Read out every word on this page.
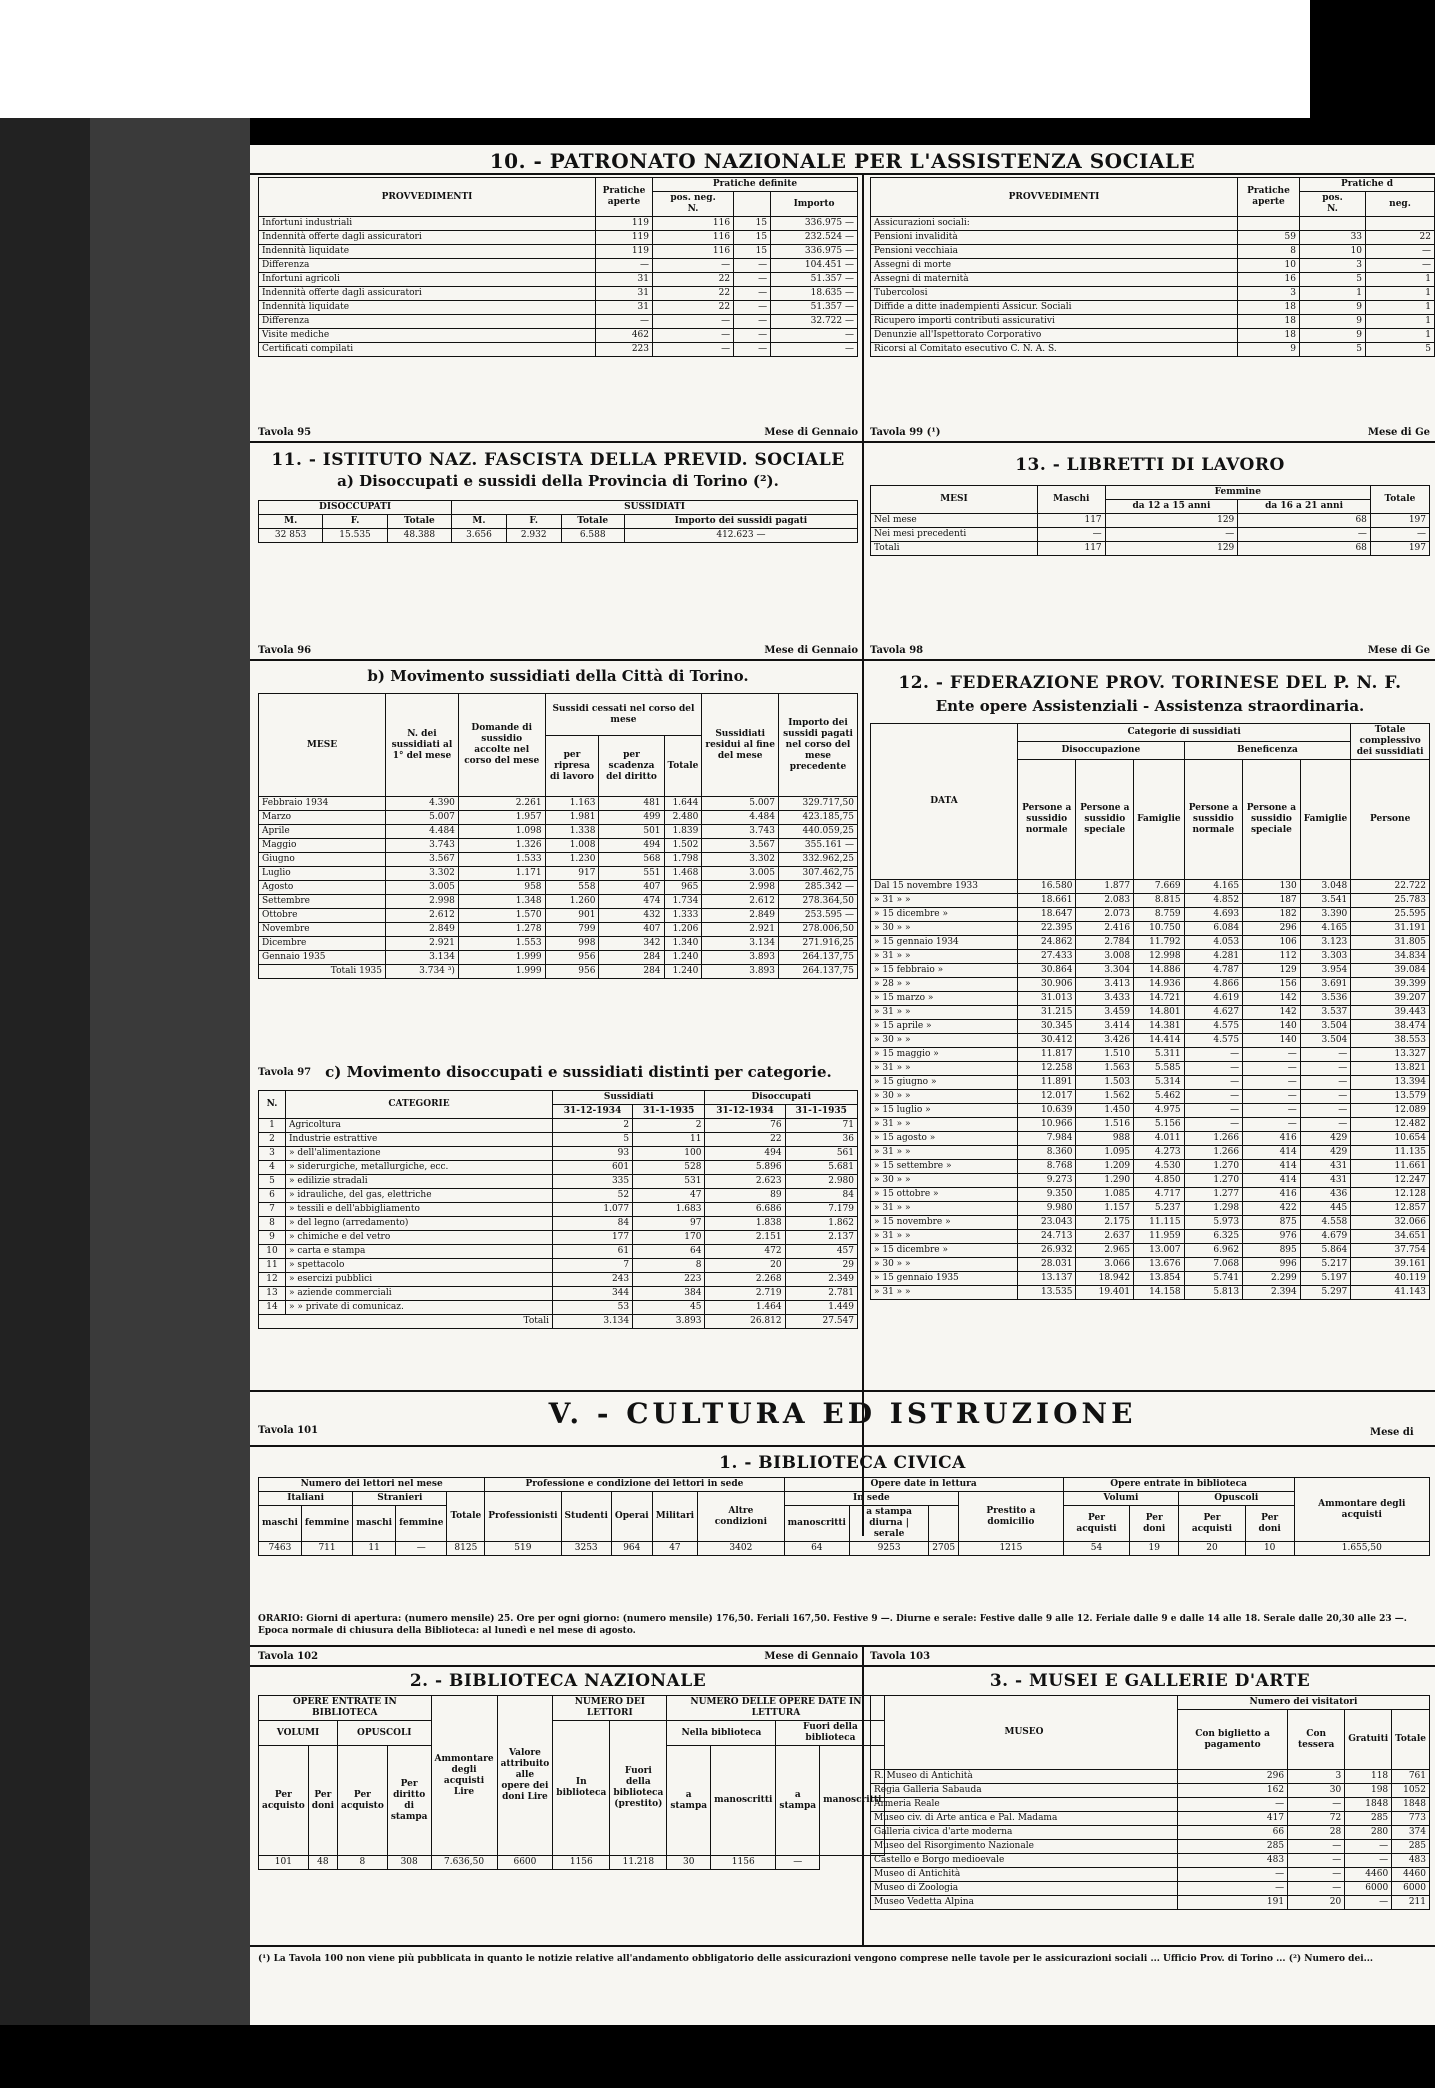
10. - PATRONATO NAZIONALE PER L'ASSISTENZA SOCIALE
PROVVEDIMENTI	Pratiche aperte	Pratiche definite		
		pos. neg.
N.		Importo
Infortuni industriali	119	116	15	336.975 —
Indennità offerte dagli assicuratori	119	116	15	232.524 —
Indennità liquidate	119	116	15	336.975 —
Differenza	—	—	—	104.451 —
Infortuni agricoli	31	22	—	51.357 —
Indennità offerte dagli assicuratori	31	22	—	18.635 —
Indennità liquidate	31	22	—	51.357 —
Differenza	—	—	—	32.722 —
Visite mediche	462	—	—	—
Certificati compilati	223	—	—	—
PROVVEDIMENTI	Pratiche aperte	Pratiche d	
		pos.
N.	neg.
Assicurazioni sociali:			
Pensioni invalidità	59	33	22
Pensioni vecchiaia	8	10	—
Assegni di morte	10	3	—
Assegni di maternità	16	5	1
Tubercolosi	3	1	1
Diffide a ditte inadempienti Assicur. Sociali	18	9	1
Ricupero importi contributi assicurativi	18	9	1
Denunzie all'Ispettorato Corporativo	18	9	1
Ricorsi al Comitato esecutivo C. N. A. S.	9	5	5
Tavola 95	Mese di Gennaio Tavola 99 (¹)	Mese di Ge
11. - ISTITUTO NAZ. FASCISTA DELLA PREVID. SOCIALE
a) Disoccupati e sussidi della Provincia di Torino (²).
DISOCCUPATI			SUSSIDIATI			
M.	F.	Totale	M.	F.	Totale	Importo dei sussidi pagati
32 853	15.535	48.388	3.656	2.932	6.588	412.623 —
Tavola 96	Mese di Gennaio
13. - LIBRETTI DI LAVORO
MESI	Maschi	Femmine		Totale
		da 12 a 15 anni	da 16 a 21 anni	
Nel mese	117	129	68	197
Nei mesi precedenti	—	—	—	—
Totali	117	129	68	197
Tavola 98	Mese di Ge
b) Movimento sussidiati della Città di Torino.
MESE	N. dei sussidiati al 1° del mese	Domande di sussidio accolte nel corso del mese	Sussidi cessati nel corso del mese			Sussidiati residui al fine del mese	Importo dei sussidi pagati nel corso del mese precedente
			per ripresa di lavoro	per scadenza del diritto	Totale		
Febbraio 1934	4.390	2.261	1.163	481	1.644	5.007	329.717,50
Marzo	5.007	1.957	1.981	499	2.480	4.484	423.185,75
Aprile	4.484	1.098	1.338	501	1.839	3.743	440.059,25
Maggio	3.743	1.326	1.008	494	1.502	3.567	355.161 —
Giugno	3.567	1.533	1.230	568	1.798	3.302	332.962,25
Luglio	3.302	1.171	917	551	1.468	3.005	307.462,75
Agosto	3.005	958	558	407	965	2.998	285.342 —
Settembre	2.998	1.348	1.260	474	1.734	2.612	278.364,50
Ottobre	2.612	1.570	901	432	1.333	2.849	253.595 —
Novembre	2.849	1.278	799	407	1.206	2.921	278.006,50
Dicembre	2.921	1.553	998	342	1.340	3.134	271.916,25
Gennaio 1935	3.134	1.999	956	284	1.240	3.893	264.137,75
Totali 1935	3.734 ³)	1.999	956	284	1.240	3.893	264.137,75
Tavola 97 c) Movimento disoccupati e sussidiati distinti per categorie.
N.	CATEGORIE	Sussidiati		Disoccupati	
		31-12-1934	31-1-1935	31-12-1934	31-1-1935
1	Agricoltura	2	2	76	71
2	Industrie estrattive	5	11	22	36
3	» dell'alimentazione	93	100	494	561
4	» siderurgiche, metallurgiche, ecc.	601	528	5.896	5.681
5	» edilizie stradali	335	531	2.623	2.980
6	» idrauliche, del gas, elettriche	52	47	89	84
7	» tessili e dell'abbigliamento	1.077	1.683	6.686	7.179
8	» del legno (arredamento)	84	97	1.838	1.862
9	» chimiche e del vetro	177	170	2.151	2.137
10	» carta e stampa	61	64	472	457
11	» spettacolo	7	8	20	29
12	» esercizi pubblici	243	223	2.268	2.349
13	» aziende commerciali	344	384	2.719	2.781
14	» » private di comunicaz.	53	45	1.464	1.449
Totali		3.134	3.893	26.812	27.547
Tavola 101
12. - FEDERAZIONE PROV. TORINESE DEL P. N. F.
Ente opere Assistenziali - Assistenza straordinaria.
DATA	Categorie di sussidiati						Totale complessivo dei sussidiati
	Disoccupazione			Beneficenza			
	Persone a sussidio normale	Persone a sussidio speciale	Famiglie	Persone a sussidio normale	Persone a sussidio speciale	Famiglie	Persone
Dal 15 novembre 1933	16.580	1.877	7.669	4.165	130	3.048	22.722
» 31 » »	18.661	2.083	8.815	4.852	187	3.541	25.783
» 15 dicembre »	18.647	2.073	8.759	4.693	182	3.390	25.595
» 30 » »	22.395	2.416	10.750	6.084	296	4.165	31.191
» 15 gennaio 1934	24.862	2.784	11.792	4.053	106	3.123	31.805
» 31 » »	27.433	3.008	12.998	4.281	112	3.303	34.834
» 15 febbraio »	30.864	3.304	14.886	4.787	129	3.954	39.084
» 28 » »	30.906	3.413	14.936	4.866	156	3.691	39.399
» 15 marzo »	31.013	3.433	14.721	4.619	142	3.536	39.207
» 31 » »	31.215	3.459	14.801	4.627	142	3.537	39.443
» 15 aprile »	30.345	3.414	14.381	4.575	140	3.504	38.474
» 30 » »	30.412	3.426	14.414	4.575	140	3.504	38.553
» 15 maggio »	11.817	1.510	5.311	—	—	—	13.327
» 31 » »	12.258	1.563	5.585	—	—	—	13.821
» 15 giugno »	11.891	1.503	5.314	—	—	—	13.394
» 30 » »	12.017	1.562	5.462	—	—	—	13.579
» 15 luglio »	10.639	1.450	4.975	—	—	—	12.089
» 31 » »	10.966	1.516	5.156	—	—	—	12.482
» 15 agosto »	7.984	988	4.011	1.266	416	429	10.654
» 31 » »	8.360	1.095	4.273	1.266	414	429	11.135
» 15 settembre »	8.768	1.209	4.530	1.270	414	431	11.661
» 30 » »	9.273	1.290	4.850	1.270	414	431	12.247
» 15 ottobre »	9.350	1.085	4.717	1.277	416	436	12.128
» 31 » »	9.980	1.157	5.237	1.298	422	445	12.857
» 15 novembre »	23.043	2.175	11.115	5.973	875	4.558	32.066
» 31 » »	24.713	2.637	11.959	6.325	976	4.679	34.651
» 15 dicembre »	26.932	2.965	13.007	6.962	895	5.864	37.754
» 30 » »	28.031	3.066	13.676	7.068	996	5.217	39.161
» 15 gennaio 1935	13.137	18.942	13.854	5.741	2.299	5.197	40.119
» 31 » »	13.535	19.401	14.158	5.813	2.394	5.297	41.143
V. - CULTURA ED ISTRUZIONE
Mese di
1. - BIBLIOTECA CIVICA
Numero dei lettori nel mese					Professione e condizione dei lettori in sede					Opere date in lettura				Opere entrate in biblioteca				Ammontare degli acquisti
Italiani		Stranieri		Totale	Professionisti	Studenti	Operai	Militari	Altre condizioni	In sede			Prestito a domicilio	Volumi		Opuscoli		
maschi	femmine	maschi	femmine							manoscritti	a stampa
diurna | serale			Per acquisti	Per doni	Per acquisti	Per doni	
7463	711	11	—	8125	519	3253	964	47	3402	64	9253	2705	1215	54	19	20	10	1.655,50
ORARIO: Giorni di apertura: (numero mensile) 25. Ore per ogni giorno: (numero mensile) 176,50. Feriali 167,50. Festive 9 —. Diurne e serale: Festive dalle 9 alle 12. Feriale dalle 9 e dalle 14 alle 18. Serale dalle 20,30 alle 23 —. Epoca normale di chiusura della Biblioteca: al lunedì e nel mese di agosto.
Tavola 102	Mese di Gennaio Tavola 103
2. - BIBLIOTECA NAZIONALE
OPERE ENTRATE IN BIBLIOTECA				Ammontare degli acquisti Lire	Valore attribuito alle opere dei doni Lire	NUMERO DEI LETTORI		NUMERO DELLE OPERE DATE IN LETTURA			
VOLUMI		OPUSCOLI				In biblioteca	Fuori della biblioteca (prestito)	Nella biblioteca		Fuori della biblioteca	
Per acquisto	Per doni	Per acquisto	Per diritto di stampa					a stampa	manoscritti	a stampa	manoscritti
101	48	8	308	7.636,50	6600	1156	11.218	30	1156	—	
3. - MUSEI E GALLERIE D'ARTE
MUSEO	Numero dei visitatori			
	Con biglietto a pagamento	Con tessera	Gratuiti	Totale
R. Museo di Antichità	296	3	118	761
Regia Galleria Sabauda	162	30	198	1052
Armeria Reale	—	—	1848	1848
Museo civ. di Arte antica e Pal. Madama	417	72	285	773
Galleria civica d'arte moderna	66	28	280	374
Museo del Risorgimento Nazionale	285	—	—	285
Castello e Borgo medioevale	483	—	—	483
Museo di Antichità	—	—	4460	4460
Museo di Zoologia	—	—	6000	6000
Museo Vedetta Alpina	191	20	—	211
(¹) La Tavola 100 non viene più pubblicata in quanto le notizie relative all'andamento obbligatorio delle assicurazioni vengono comprese nelle tavole per le assicurazioni sociali ... Ufficio Prov. di Torino ... (²) Numero dei...
